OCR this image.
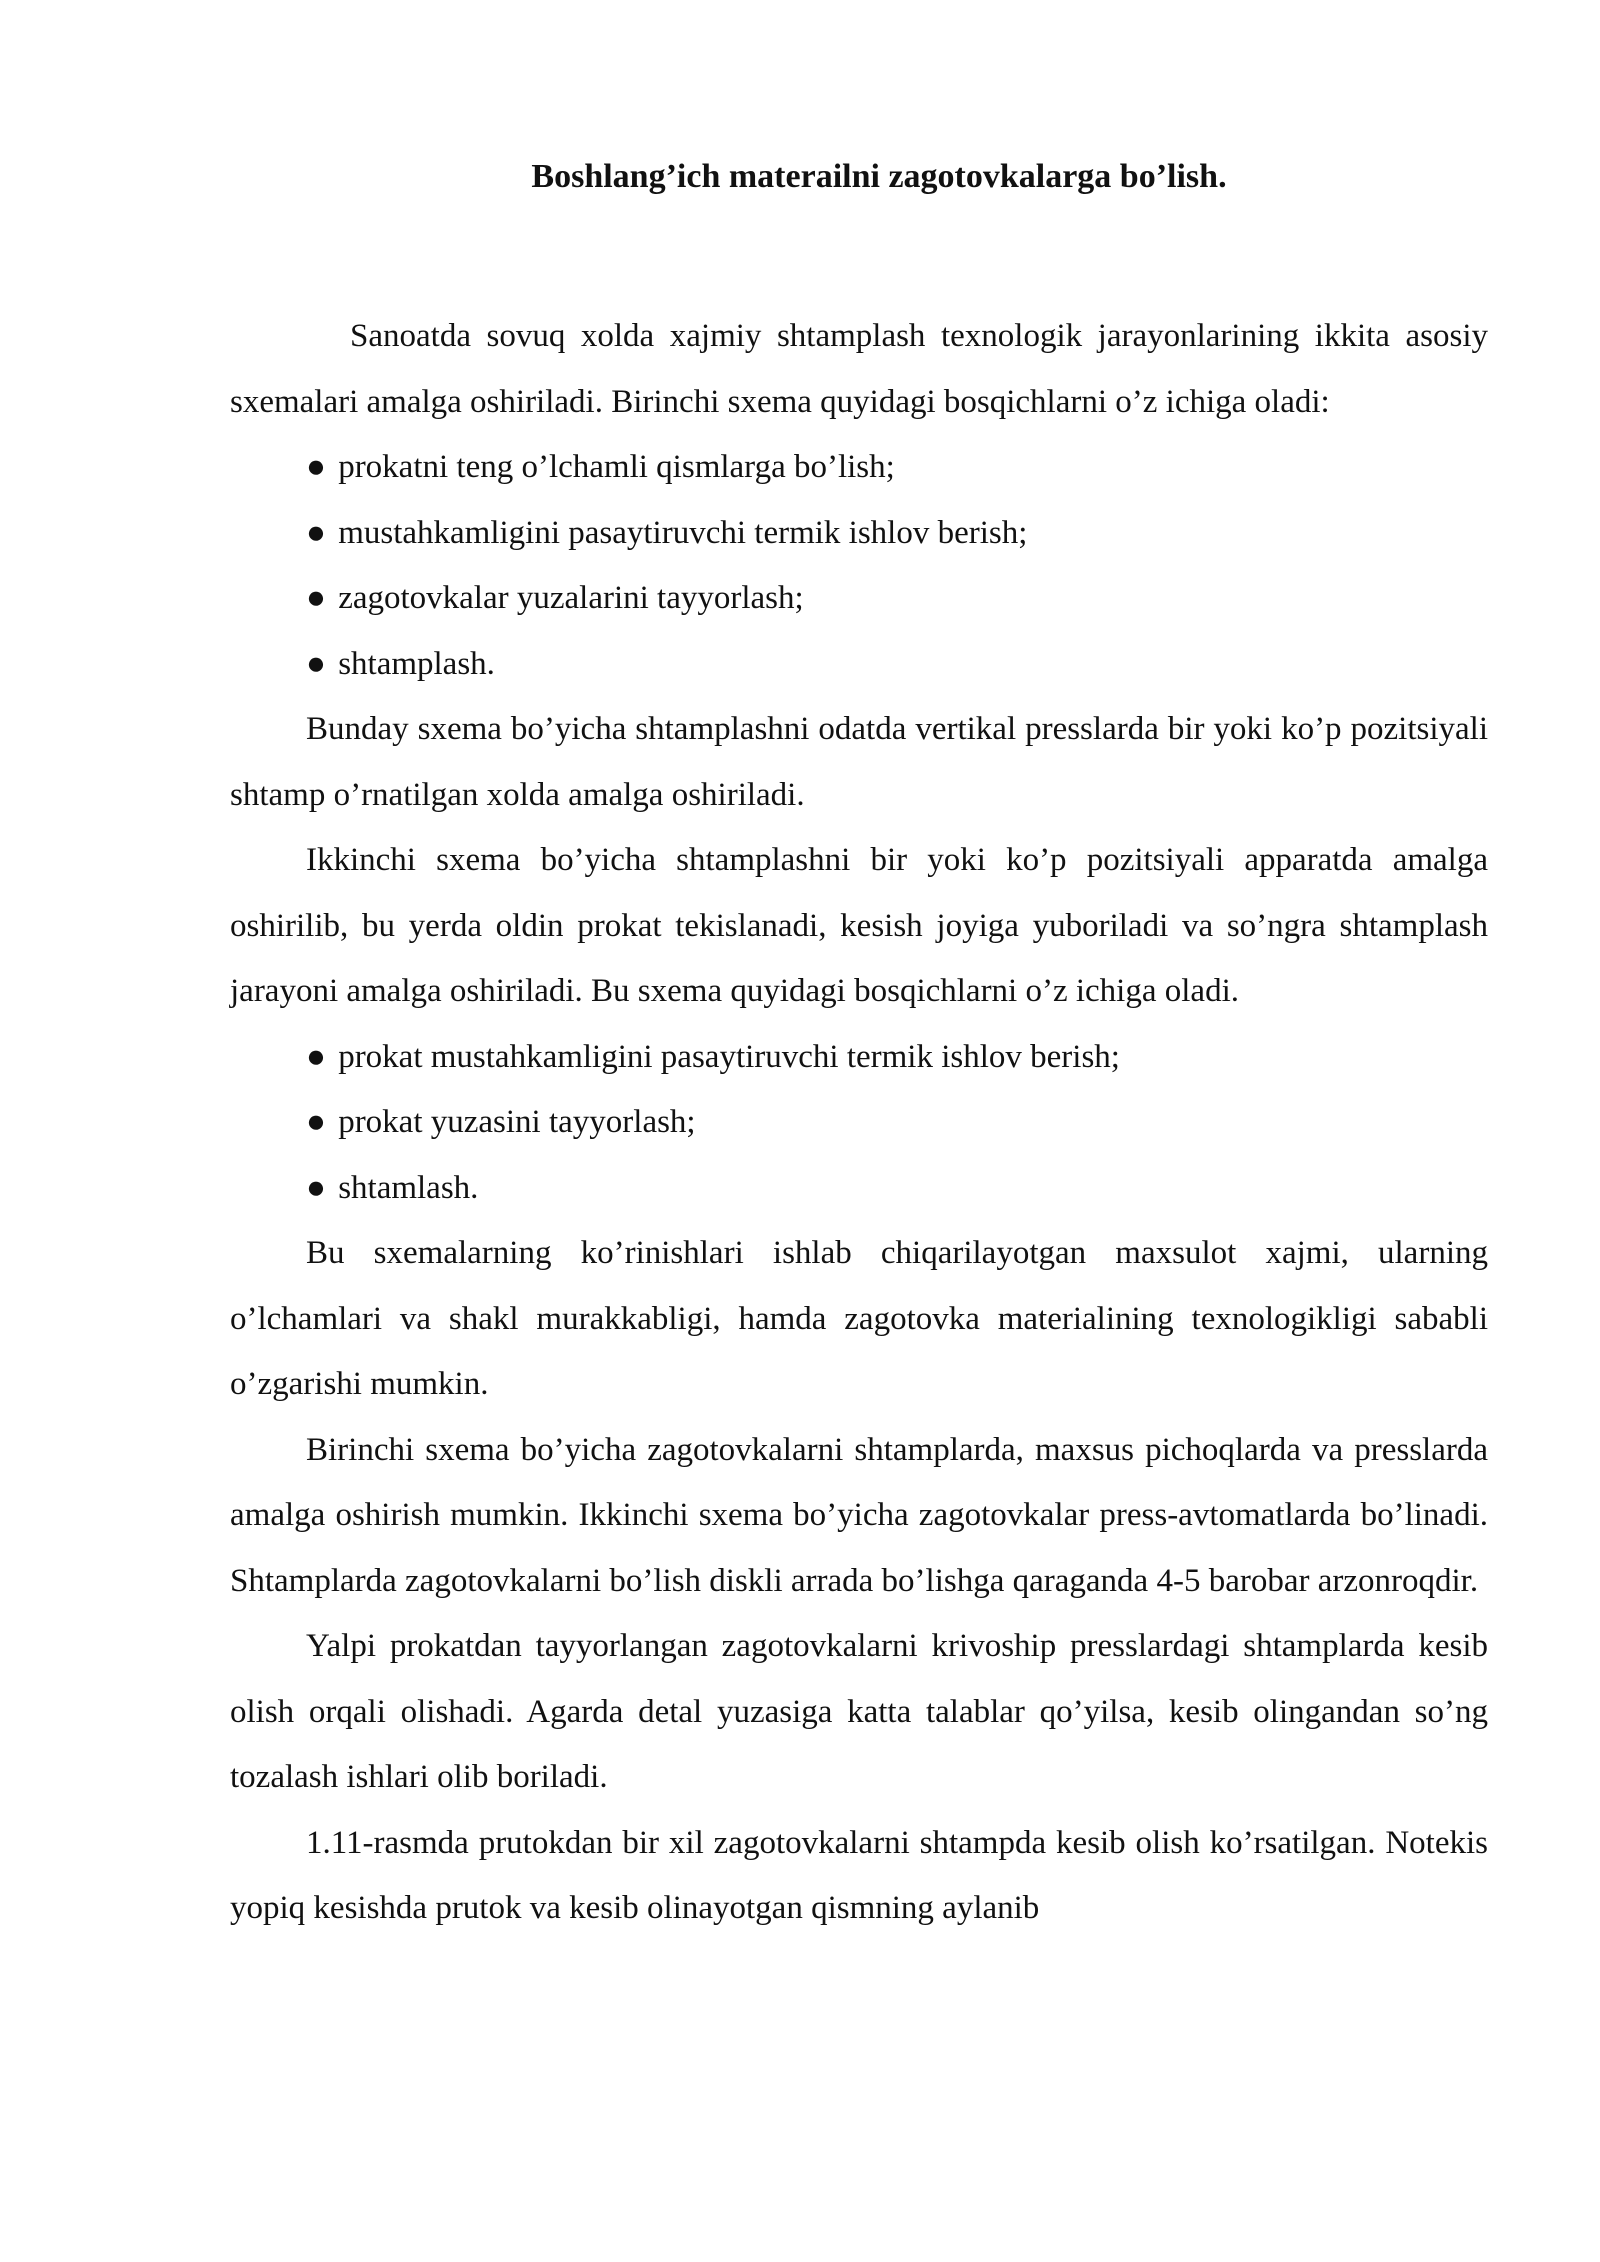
Boshlang’ich materailni zagotovkalarga bo’lish.

Sanoatda sovuq xolda xajmiy shtamplash texnologik jarayonlarining ikkita asosiy sxemalari amalga oshiriladi. Birinchi sxema quyidagi bosqichlarni o’z ichiga oladi:

● prokatni teng o’lchamli qismlarga bo’lish;

● mustahkamligini pasaytiruvchi termik ishlov berish;

● zagotovkalar yuzalarini tayyorlash;

● shtamplash.

Bunday sxema bo’yicha shtamplashni odatda vertikal presslarda bir yoki ko’p pozitsiyali shtamp o’rnatilgan xolda amalga oshiriladi.

Ikkinchi sxema bo’yicha shtamplashni bir yoki ko’p pozitsiyali apparatda amalga oshirilib, bu yerda oldin prokat tekislanadi, kesish joyiga yuboriladi va so’ngra shtamplash jarayoni amalga oshiriladi. Bu sxema quyidagi bosqichlarni o’z ichiga oladi.

● prokat mustahkamligini pasaytiruvchi termik ishlov berish;

● prokat yuzasini tayyorlash;

● shtamlash.

Bu sxemalarning ko’rinishlari ishlab chiqarilayotgan maxsulot xajmi, ularning o’lchamlari va shakl murakkabligi, hamda zagotovka materialining texnologikligi sababli o’zgarishi mumkin.

Birinchi sxema bo’yicha zagotovkalarni shtamplarda, maxsus pichoqlarda va presslarda amalga oshirish mumkin. Ikkinchi sxema bo’yicha zagotovkalar press-avtomatlarda bo’linadi. Shtamplarda zagotovkalarni bo’lish diskli arrada bo’lishga qaraganda 4-5 barobar arzonroqdir.

Yalpi prokatdan tayyorlangan zagotovkalarni krivoship presslardagi shtamplarda kesib olish orqali olishadi. Agarda detal yuzasiga katta talablar qo’yilsa, kesib olingandan so’ng tozalash ishlari olib boriladi.

1.11-rasmda prutokdan bir xil zagotovkalarni shtampda kesib olish ko’rsatilgan. Notekis yopiq kesishda prutok va kesib olinayotgan qismning aylanib
